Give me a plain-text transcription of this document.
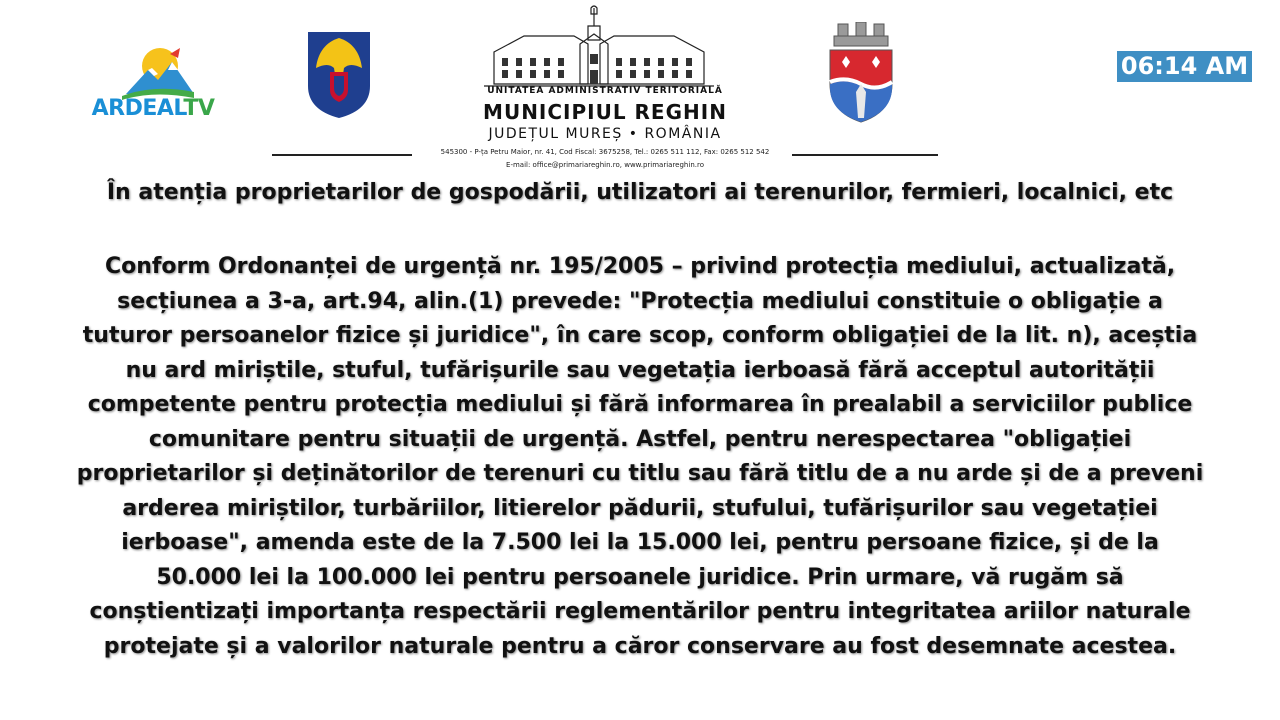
ARDEALTV
UNITATEA ADMINISTRATIV TERITORIALĂ
MUNICIPIUL REGHIN
JUDEȚUL MUREȘ • ROMÂNIA
545300 - P-ța Petru Maior, nr. 41, Cod Fiscal: 3675258, Tel.: 0265 511 112, Fax: 0265 512 542
E-mail: office@primariareghin.ro, www.primariareghin.ro
06:14 AM
În atenția proprietarilor de gospodării, utilizatori ai terenurilor, fermieri, localnici, etc
Conform Ordonanței de urgență nr. 195/2005 – privind protecția mediului, actualizată,
secțiunea a 3-a, art.94, alin.(1) prevede: "Protecția mediului constituie o obligație a
tuturor persoanelor fizice și juridice", în care scop, conform obligației de la lit. n), aceștia
nu ard miriștile, stuful, tufărișurile sau vegetația ierboasă fără acceptul autorității
competente pentru protecția mediului și fără informarea în prealabil a serviciilor publice
comunitare pentru situații de urgență. Astfel, pentru nerespectarea "obligației
proprietarilor și deținătorilor de terenuri cu titlu sau fără titlu de a nu arde și de a preveni
arderea miriștilor, turbăriilor, litierelor pădurii, stufului, tufărișurilor sau vegetației
ierboase", amenda este de la 7.500 lei la 15.000 lei, pentru persoane fizice, și de la
50.000 lei la 100.000 lei pentru persoanele juridice. Prin urmare, vă rugăm să
conștientizați importanța respectării reglementărilor pentru integritatea ariilor naturale
protejate și a valorilor naturale pentru a căror conservare au fost desemnate acestea.
